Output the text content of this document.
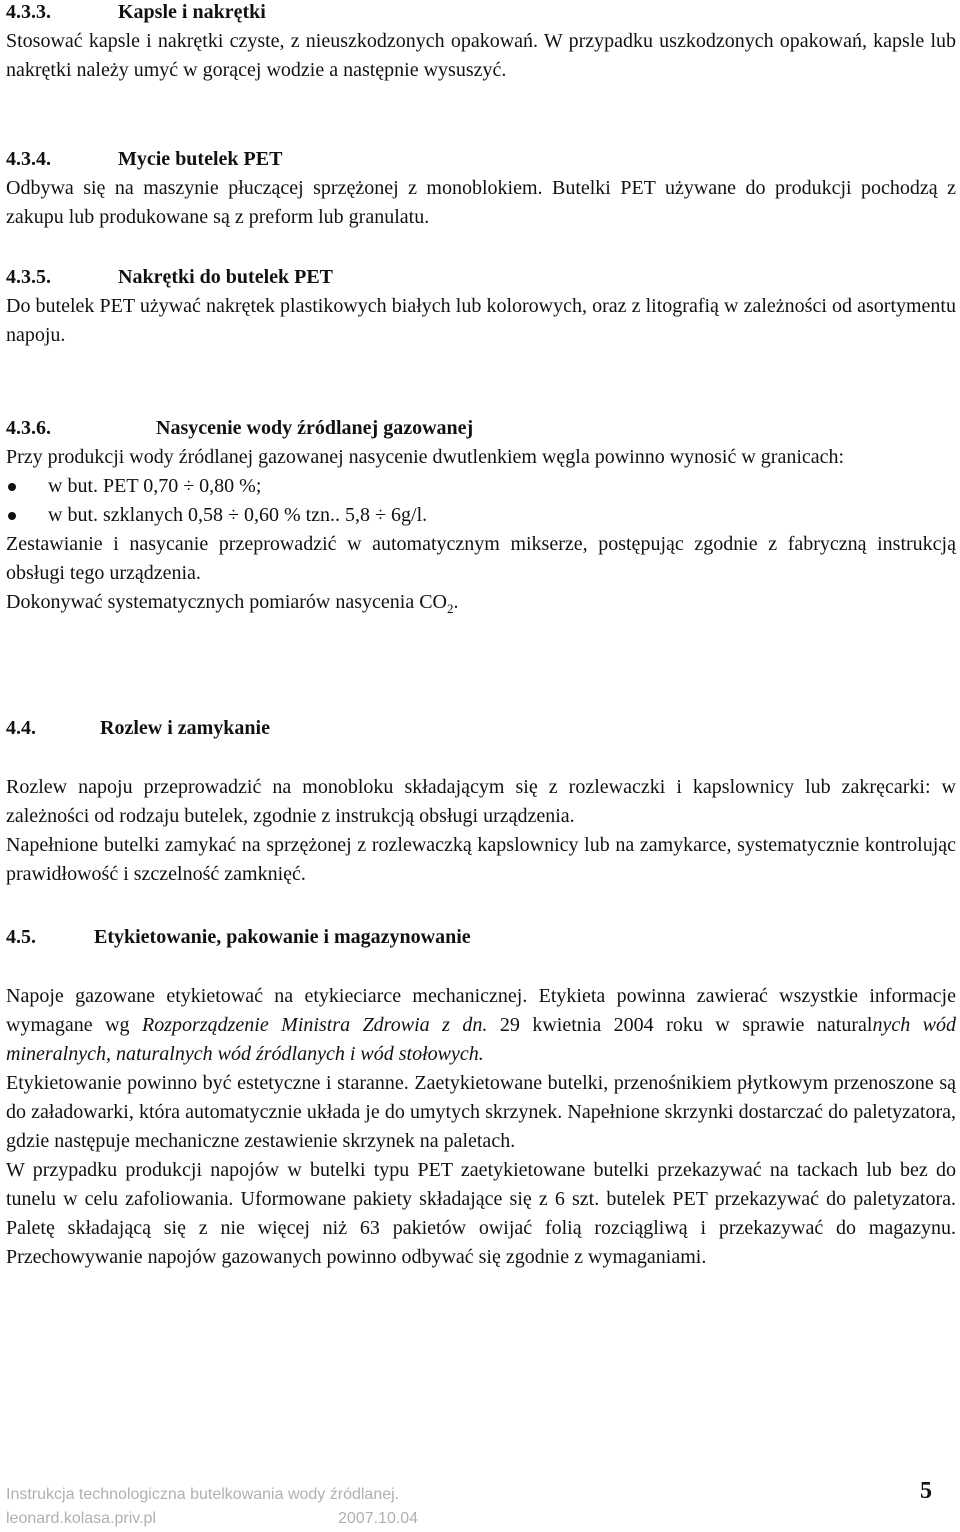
4.3.3.	Kapsle i nakrętki

Stosować kapsle i nakrętki czyste, z nieuszkodzonych opakowań. W przypadku uszkodzonych opakowań, kapsle lub nakrętki należy umyć w gorącej wodzie a następnie wysuszyć.

4.3.4.	Mycie butelek PET

Odbywa się na maszynie płuczącej sprzężonej z monoblokiem. Butelki PET używane do produkcji pochodzą z zakupu lub produkowane są z preform lub granulatu.

4.3.5.	Nakrętki do butelek PET

Do butelek PET używać nakrętek plastikowych białych lub kolorowych, oraz z litografią w zależności od asortymentu napoju.

4.3.6.	Nasycenie wody źródlanej gazowanej

Przy produkcji wody źródlanej gazowanej nasycenie dwutlenkiem węgla powinno wynosić w granicach:

w but. PET 0,70 ÷ 0,80 %;
w but. szklanych 0,58 ÷ 0,60 % tzn.. 5,8 ÷ 6g/l.

Zestawianie i nasycanie przeprowadzić w automatycznym mikserze, postępując zgodnie z fabryczną instrukcją obsługi tego urządzenia.

Dokonywać systematycznych pomiarów nasycenia $CO_2$.

4.4.	Rozlew i zamykanie

Rozlew napoju przeprowadzić na monobloku składającym się z rozlewaczki i kapslownicy lub zakręcarki: w zależności od rodzaju butelek, zgodnie z instrukcją obsługi urządzenia.

Napełnione butelki zamykać na sprzężonej z rozlewaczką kapslownicy lub na zamykarce, systematycznie kontrolując prawidłowość i szczelność zamknięć.

4.5.	Etykietowanie, pakowanie i magazynowanie

Napoje gazowane etykietować na etykieciarce mechanicznej. Etykieta powinna zawierać wszystkie informacje wymagane wg Rozporządzenie Ministra Zdrowia z dn. 29 kwietnia 2004 roku w sprawie naturalnych wód mineralnych, naturalnych wód źródlanych i wód stołowych.

Etykietowanie powinno być estetyczne i staranne. Zaetykietowane butelki, przenośnikiem płytkowym przenoszone są do załadowarki, która automatycznie układa je do umytych skrzynek. Napełnione skrzynki dostarczać do paletyzatora, gdzie następuje mechaniczne zestawienie skrzynek na paletach.

W przypadku produkcji napojów w butelki typu PET zaetykietowane butelki przekazywać na tackach lub bez do tunelu w celu zafoliowania. Uformowane pakiety składające się z 6 szt. butelek PET przekazywać do paletyzatora. Paletę składającą się z nie więcej niż 63 pakietów owijać folią rozciągliwą i przekazywać do magazynu. Przechowywanie napojów gazowanych powinno odbywać się zgodnie z wymaganiami.

Instrukcja technologiczna butelkowania wody źródlanej.	5
leonard.kolasa.priv.pl	2007.10.04
